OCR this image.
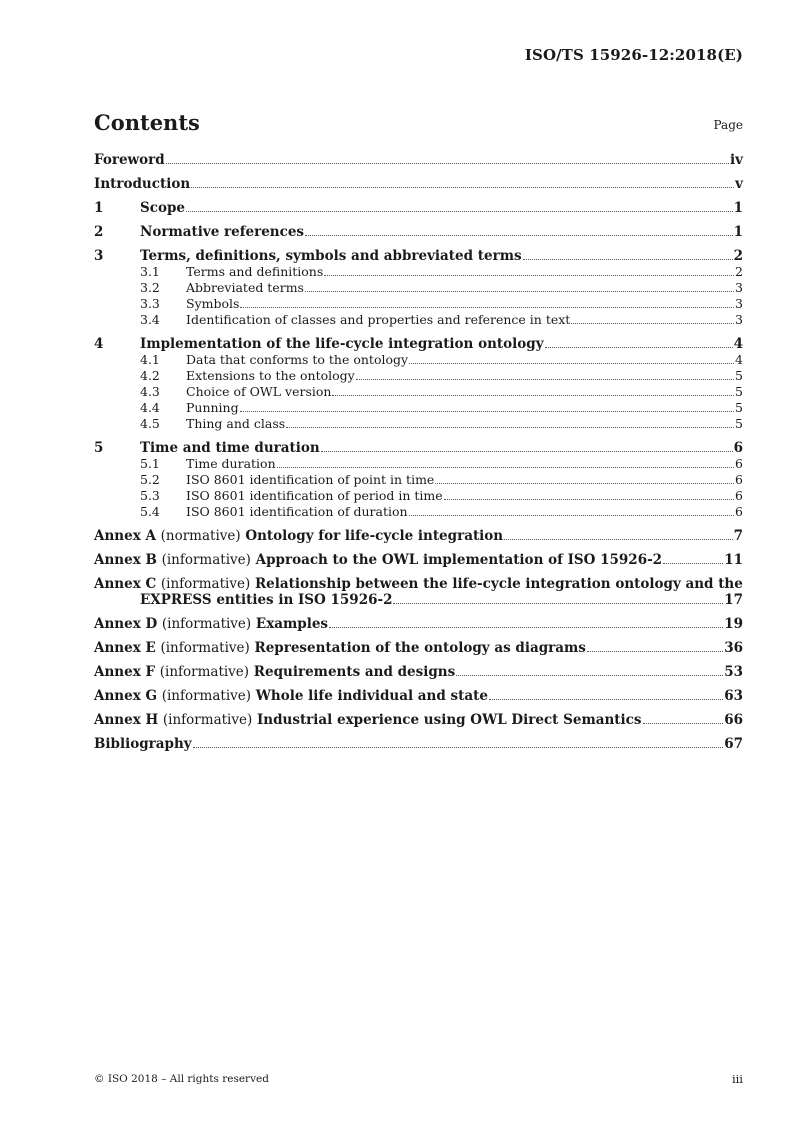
ISO/TS 15926-12:2018(E)
Contents	Page
Foreword	iv
Introduction	v
1	Scope	1
2	Normative references	1
3	Terms, definitions, symbols and abbreviated terms	2
3.1	Terms and definitions	2
3.2	Abbreviated terms	3
3.3	Symbols	3
3.4	Identification of classes and properties and reference in text	3
4	Implementation of the life-cycle integration ontology	4
4.1	Data that conforms to the ontology	4
4.2	Extensions to the ontology	5
4.3	Choice of OWL version	5
4.4	Punning	5
4.5	Thing and class	5
5	Time and time duration	6
5.1	Time duration	6
5.2	ISO 8601 identification of point in time	6
5.3	ISO 8601 identification of period in time	6
5.4	ISO 8601 identification of duration	6
Annex A (normative) Ontology for life-cycle integration	7
Annex B (informative) Approach to the OWL implementation of ISO 15926-2	11
Annex C (informative) Relationship between the life-cycle integration ontology and the
EXPRESS entities in ISO 15926-2	17
Annex D (informative) Examples	19
Annex E (informative) Representation of the ontology as diagrams	36
Annex F (informative) Requirements and designs	53
Annex G (informative) Whole life individual and state	63
Annex H (informative) Industrial experience using OWL Direct Semantics	66
Bibliography	67
© ISO 2018 – All rights reserved	iii
